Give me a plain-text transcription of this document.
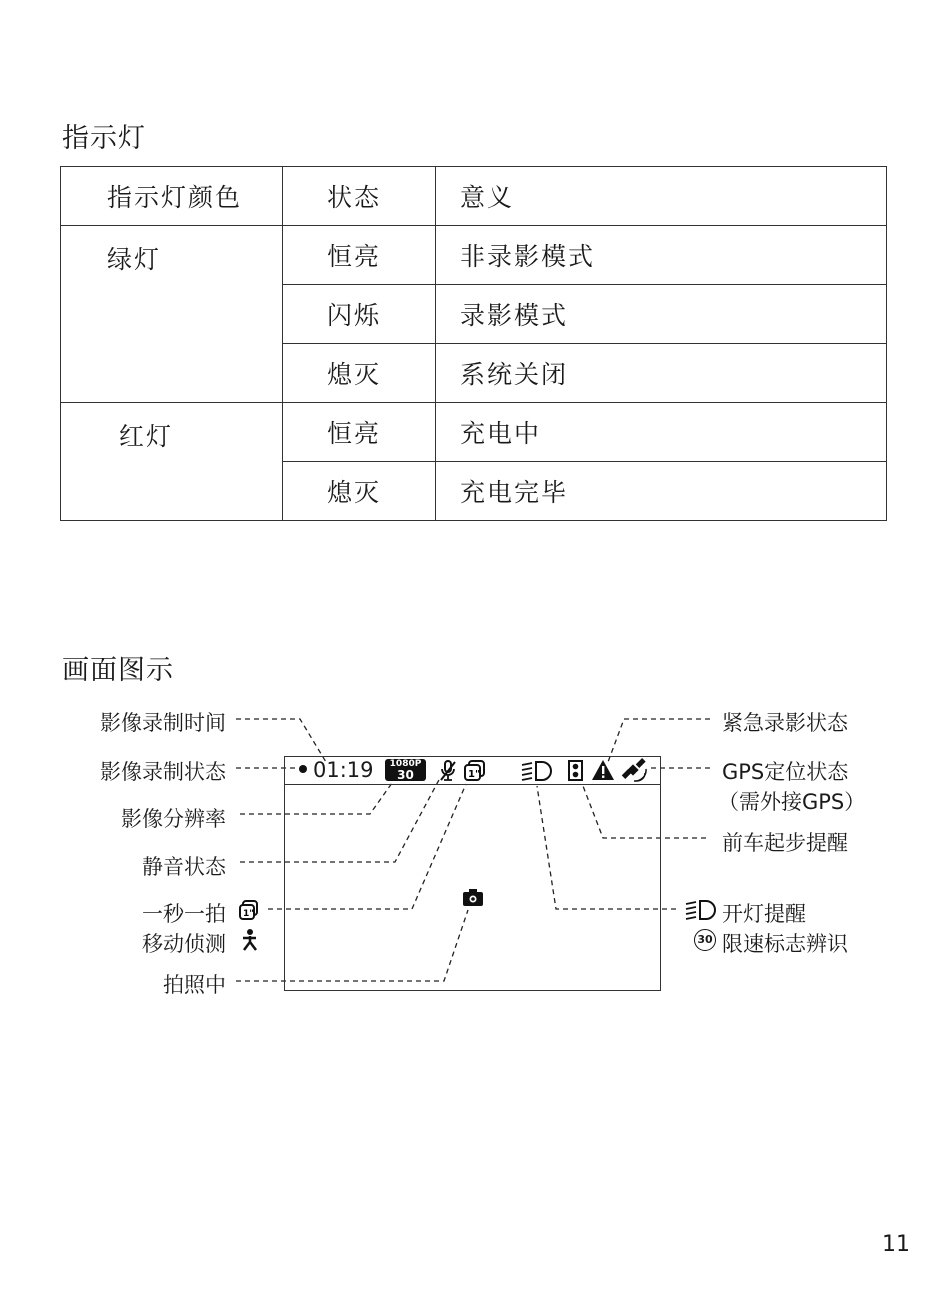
指示灯
指示灯颜色	状态	意义
绿灯	恒亮	非录影模式
	闪烁	录影模式
	熄灭	系统关闭
红灯	恒亮	充电中
	熄灭	充电完毕
画面图示
影像录制时间
影像录制状态
影像分辨率
静音状态
一秒一拍
移动侦测
拍照中
1"
紧急录影状态
GPS定位状态
（需外接GPS）
前车起步提醒
开灯提醒
限速标志辨识
30
01:19	1080P
30	1"
11
